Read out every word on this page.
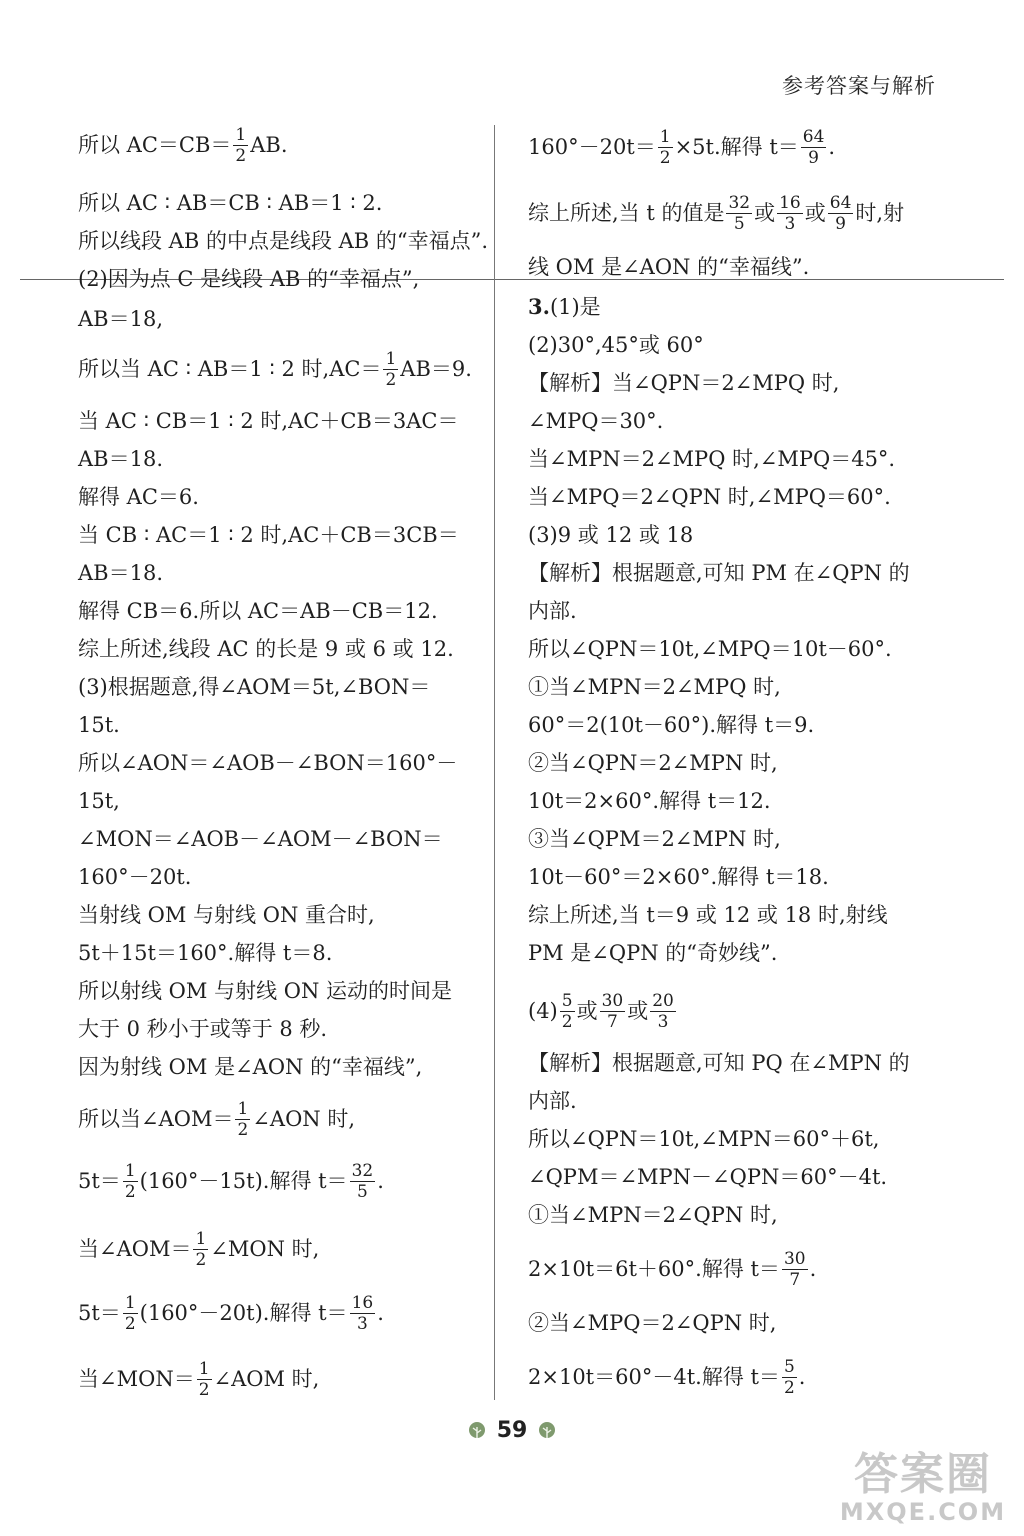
参考答案与解析
所以 $AC=CB= \frac{1}{2}$ AB.
所以 AC ∶ AB＝CB ∶ AB＝1 ∶ 2.
所以线段 AB 的中点是线段 AB 的“幸福点”.
(2)因为点 C 是线段 AB 的“幸福点”,
AB＝18,
所以当 AC ∶ AB＝1 ∶ 2 时$,AC= \frac{1}{2} AB=9$.
当 AC ∶ CB＝1 ∶ 2 时,AC＋CB＝3AC＝
AB＝18.
解得 AC＝6.
当 CB ∶ AC＝1 ∶ 2 时,AC＋CB＝3CB＝
AB＝18.
解得 CB＝6.所以 AC＝AB－CB＝12.
综上所述,线段 AC 的长是 9 或 6 或 12.
(3)根据题意,得∠AOM＝5t,∠BON＝
15t.
所以∠AON＝∠AOB－∠BON＝160°－
15t,
∠MON＝∠AOB－∠AOM－∠BON＝
160°－20t.
当射线 OM 与射线 ON 重合时,
5t＋15t＝160°.解得 t＝8.
所以射线 OM 与射线 ON 运动的时间是
大于 0 秒小于或等于 8 秒.
因为射线 OM 是∠AON 的“幸福线”,
所以当∠AOM＝ $\frac{1}{2}$ ∠AON 时,
$5t= \frac{1}{2} (160^\circ-15t)$.解得 $t= \frac{32}{5}$ .
当∠AOM＝ $\frac{1}{2}$ ∠MON 时,
$5t= \frac{1}{2} (160^\circ-20t)$.解得 $t= \frac{16}{3}$ .
当∠MON＝ $\frac{1}{2}$ ∠AOM 时,
$160^\circ-20t= \frac{1}{2} \times 5t$.解得 $t= \frac{64}{9}$ .
综上所述,当 t 的值是 $\frac{32}{5}$ 或 $\frac{16}{3}$ 或 $\frac{64}{9}$ 时,射
线 OM 是∠AON 的“幸福线”.
3. (1)是
(2)30°,45°或 60°
【解析】当∠QPN＝2∠MPQ 时,
∠MPQ＝30°.
当∠MPN＝2∠MPQ 时,∠MPQ＝45°.
当∠MPQ＝2∠QPN 时,∠MPQ＝60°.
(3)9 或 12 或 18
【解析】根据题意,可知 PM 在∠QPN 的
内部.
所以∠QPN＝10t,∠MPQ＝10t－60°.
①当∠MPN＝2∠MPQ 时,
60°＝2(10t－60°).解得 t＝9.
②当∠QPN＝2∠MPN 时,
10t＝2×60°.解得 t＝12.
③当∠QPM＝2∠MPN 时,
10t－60°＝2×60°.解得 t＝18.
综上所述,当 t＝9 或 12 或 18 时,射线
PM 是∠QPN 的“奇妙线”.
$(4) \frac{5}{2}$ 或 $\frac{30}{7}$ 或 $\frac{20}{3}$
【解析】根据题意,可知 PQ 在∠MPN 的
内部.
所以∠QPN＝10t,∠MPN＝60°＋6t,
∠QPM＝∠MPN－∠QPN＝60°－4t.
①当∠MPN＝2∠QPN 时,
2×10t＝6t＋60°.解得 $t= \frac{30}{7}$ .
②当∠MPQ＝2∠QPN 时,
2×10t＝60°－4t.解得 $t= \frac{5}{2}$ .
59
答案圈
MXQE.COM
